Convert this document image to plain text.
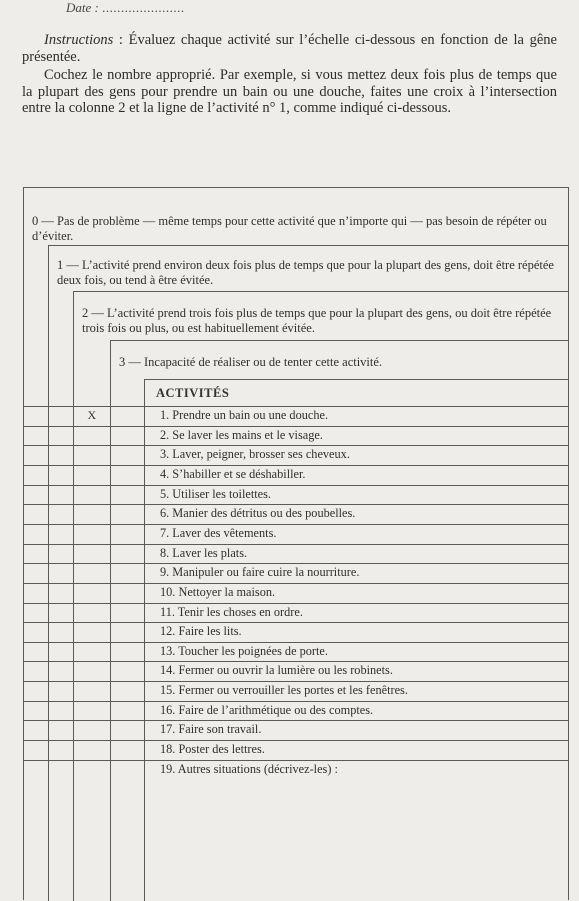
Date : ......................
Instructions : Évaluez chaque activité sur l’échelle ci-dessous en fonction de la gêne présentée.
Cochez le nombre approprié. Par exemple, si vous mettez deux fois plus de temps que la plupart des gens pour prendre un bain ou une douche, faites une croix à l’intersection entre la colonne 2 et la ligne de l’activité n° 1, comme indiqué ci-dessous.
0 — Pas de problème — même temps pour cette activité que n’importe qui — pas besoin de répéter ou d’éviter.
1 — L’activité prend environ deux fois plus de temps que pour la plupart des gens, doit être répétée deux fois, ou tend à être évitée.
2 — L’activité prend trois fois plus de temps que pour la plupart des gens, ou doit être répétée trois fois ou plus, ou est habituellement évitée.
3 — Incapacité de réaliser ou de tenter cette activité.
ACTIVITÉS
X	1. Prendre un bain ou une douche.
2. Se laver les mains et le visage.
3. Laver, peigner, brosser ses cheveux.
4. S’habiller et se déshabiller.
5. Utiliser les toilettes.
6. Manier des détritus ou des poubelles.
7. Laver des vêtements.
8. Laver les plats.
9. Manipuler ou faire cuire la nourriture.
10. Nettoyer la maison.
11. Tenir les choses en ordre.
12. Faire les lits.
13. Toucher les poignées de porte.
14. Fermer ou ouvrir la lumière ou les robinets.
15. Fermer ou verrouiller les portes et les fenêtres.
16. Faire de l’arithmétique ou des comptes.
17. Faire son travail.
18. Poster des lettres.
19. Autres situations (décrivez-les) :
